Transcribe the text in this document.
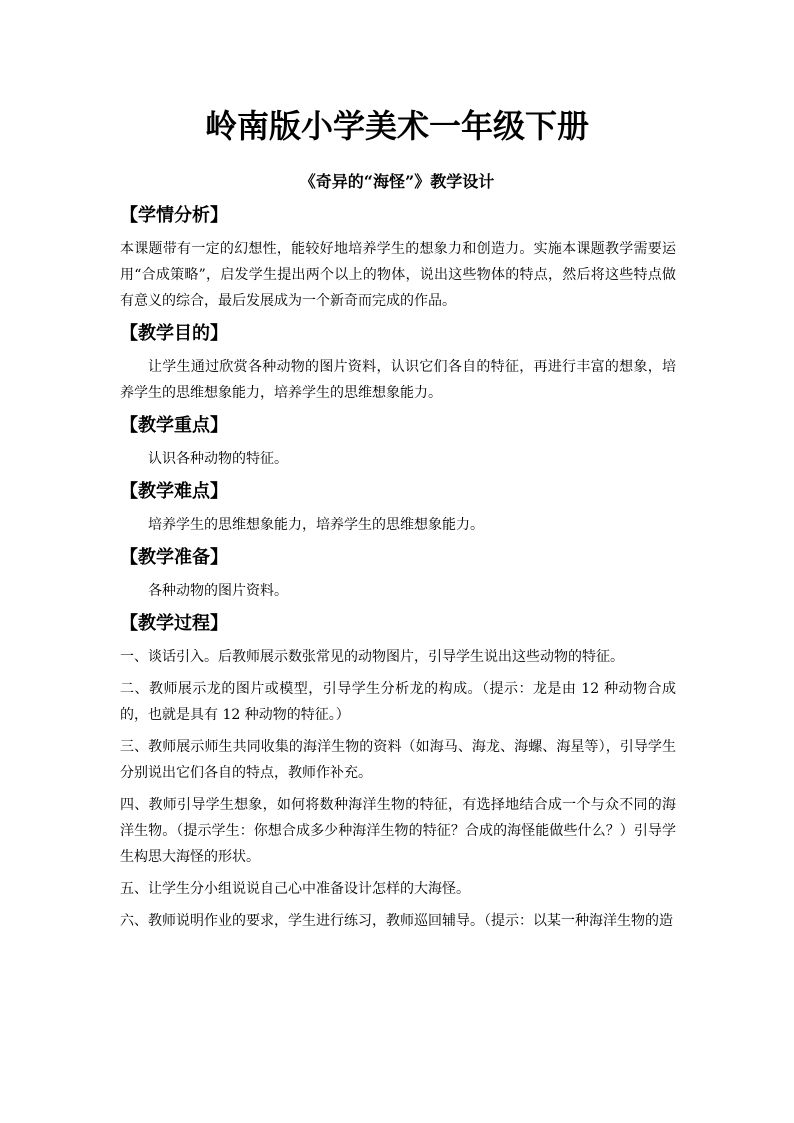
岭南版小学美术一年级下册
《奇异的“海怪”》教学设计
【学情分析】

本课题带有一定的幻想性，能较好地培养学生的想象力和创造力。实施本课题教学需要运用“合成策略”，启发学生提出两个以上的物体，说出这些物体的特点，然后将这些特点做有意义的综合，最后发展成为一个新奇而完成的作品。

【教学目的】

让学生通过欣赏各种动物的图片资料，认识它们各自的特征，再进行丰富的想象，培养学生的思维想象能力，培养学生的思维想象能力。

【教学重点】

认识各种动物的特征。

【教学难点】

培养学生的思维想象能力，培养学生的思维想象能力。

【教学准备】

各种动物的图片资料。

【教学过程】

一、谈话引入。后教师展示数张常见的动物图片，引导学生说出这些动物的特征。

二、教师展示龙的图片或模型，引导学生分析龙的构成。（提示：龙是由 12 种动物合成的，也就是具有 12 种动物的特征。）

三、教师展示师生共同收集的海洋生物的资料（如海马、海龙、海螺、海星等），引导学生分别说出它们各自的特点，教师作补充。

四、教师引导学生想象，如何将数种海洋生物的特征，有选择地结合成一个与众不同的海洋生物。（提示学生：你想合成多少种海洋生物的特征？合成的海怪能做些什么？）引导学生构思大海怪的形状。

五、让学生分小组说说自己心中准备设计怎样的大海怪。

六、教师说明作业的要求，学生进行练习，教师巡回辅导。（提示：以某一种海洋生物的造
